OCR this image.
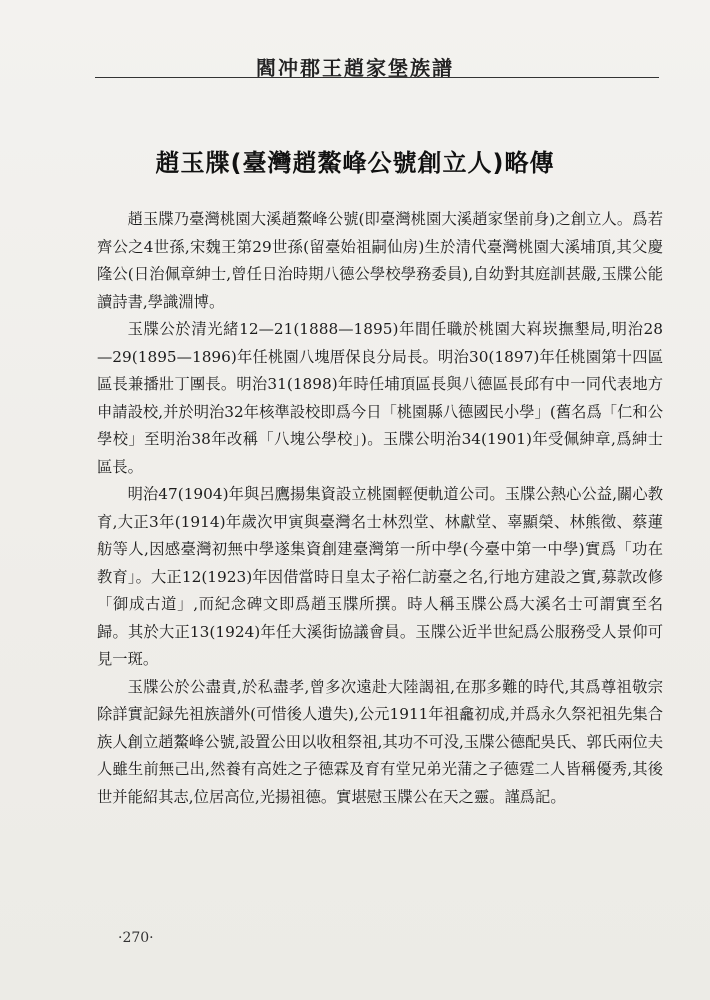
閻冲郡王趙家堡族譜
趙玉牒(臺灣趙鰲峰公號創立人)略傳

趙玉牒乃臺灣桃園大溪趙鰲峰公號(即臺灣桃園大溪趙家堡前身)之創立人。爲若齊公之4世孫,宋魏王第29世孫(留臺始祖嗣仙房)生於清代臺灣桃園大溪埔頂,其父慶隆公(日治佩章紳士,曾任日治時期八德公學校學務委員),自幼對其庭訓甚嚴,玉牒公能讀詩書,學識淵博。

玉牒公於清光緒12—21(1888—1895)年間任職於桃園大嵙崁撫墾局,明治28—29(1895—1896)年任桃園八塊厝保良分局長。明治30(1897)年任桃園第十四區區長兼播壯丁團長。明治31(1898)年時任埔頂區長與八德區長邱有中一同代表地方申請設校,并於明治32年核準設校即爲今日「桃園縣八德國民小學」(舊名爲「仁和公學校」至明治38年改稱「八塊公學校」)。玉牒公明治34(1901)年受佩紳章,爲紳士區長。

明治47(1904)年與呂鷹揚集資設立桃園輕便軌道公司。玉牒公熱心公益,關心教育,大正3年(1914)年歲次甲寅與臺灣名士林烈堂、林獻堂、辜顯榮、林熊徵、蔡蓮舫等人,因感臺灣初無中學遂集資創建臺灣第一所中學(今臺中第一中學)實爲「功在教育」。大正12(1923)年因借當時日皇太子裕仁訪臺之名,行地方建設之實,募款改修「御成古道」,而紀念碑文即爲趙玉牒所撰。時人稱玉牒公爲大溪名士可謂實至名歸。其於大正13(1924)年任大溪街協議會員。玉牒公近半世紀爲公服務受人景仰可見一斑。

玉牒公於公盡責,於私盡孝,曾多次遠赴大陸謁祖,在那多難的時代,其爲尊祖敬宗除詳實記録先祖族譜外(可惜後人遺失),公元1911年祖龕初成,并爲永久祭祀祖先集合族人創立趙鰲峰公號,設置公田以收租祭祖,其功不可没,玉牒公德配吳氏、郭氏兩位夫人雖生前無己出,然養有高姓之子德霖及育有堂兄弟光蒲之子德霆二人皆稱優秀,其後世并能紹其志,位居高位,光揚祖德。實堪慰玉牒公在天之靈。謹爲記。

·270·
